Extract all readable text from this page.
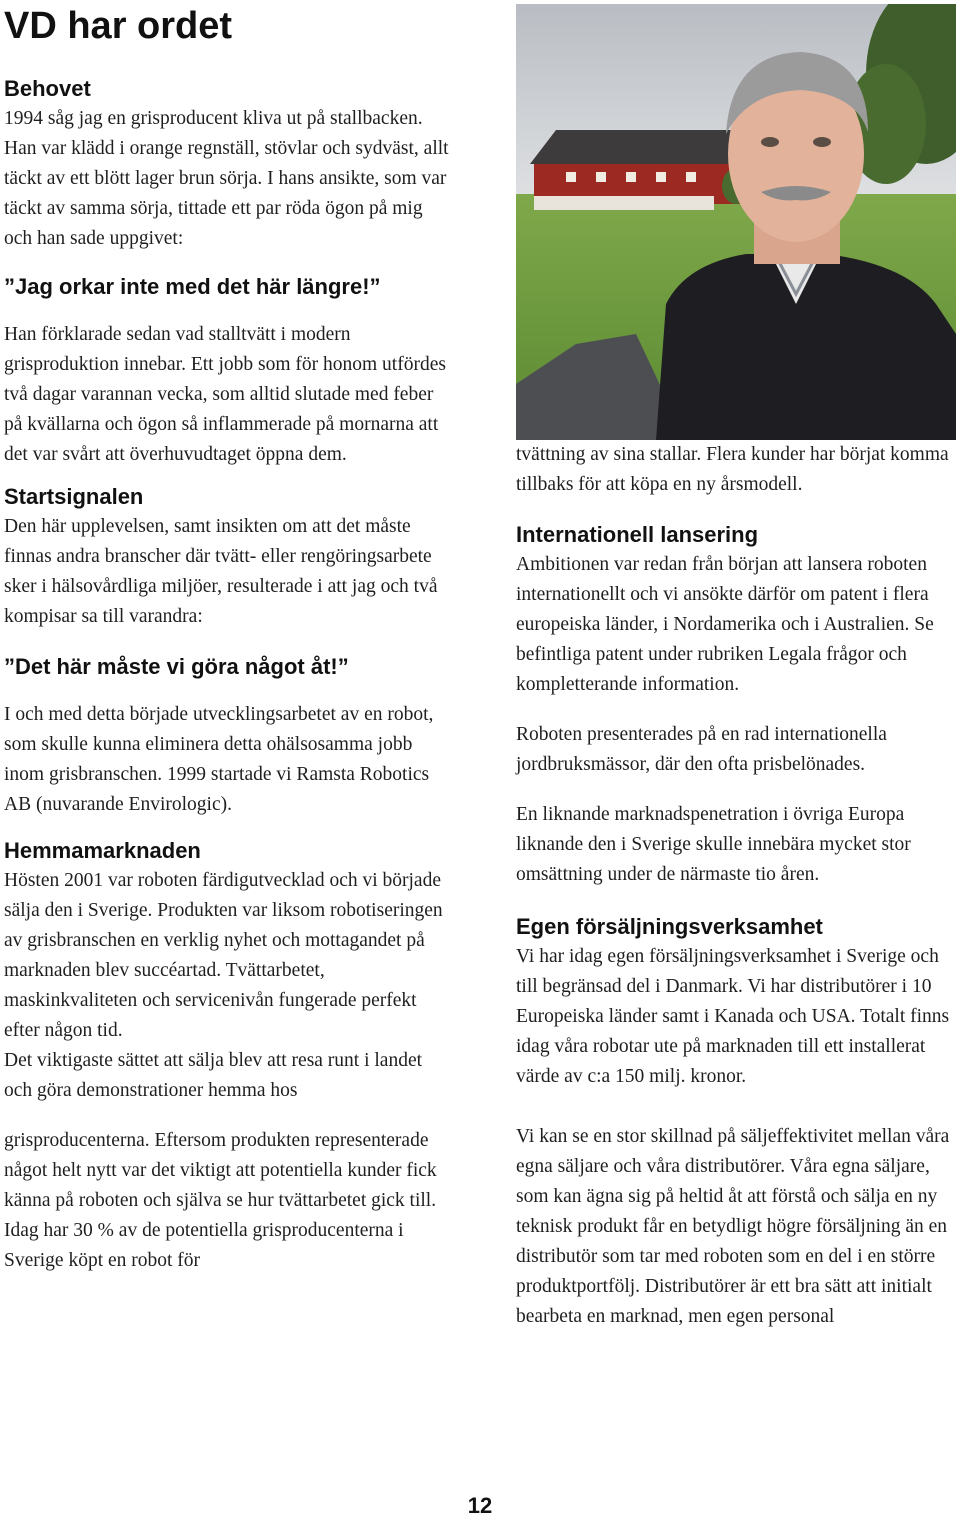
VD har ordet
Behovet

1994 såg jag en grisproducent kliva ut på stallbacken. Han var klädd i orange regnställ, stövlar och sydväst, allt täckt av ett blött lager brun sörja. I hans ansikte, som var täckt av samma sörja, tittade ett par röda ögon på mig och han sade uppgivet:

”Jag orkar inte med det här längre!”

Han förklarade sedan vad stalltvätt i modern grisproduktion innebar. Ett jobb som för honom utfördes två dagar varannan vecka, som alltid slutade med feber på kvällarna och ögon så inflammerade på mornarna att det var svårt att överhuvudtaget öppna dem.

Startsignalen

Den här upplevelsen, samt insikten om att det måste finnas andra branscher där tvätt- eller rengöringsarbete sker i hälsovårdliga miljöer, resulterade i att jag och två kompisar sa till varandra:

”Det här måste vi göra något åt!”

I och med detta började utvecklingsarbetet av en robot, som skulle kunna eliminera detta ohälsosamma jobb inom grisbranschen. 1999 startade vi Ramsta Robotics AB (nuvarande Envirologic).

Hemmamarknaden

Hösten 2001 var roboten färdigutvecklad och vi började sälja den i Sverige. Produkten var liksom robotiseringen av grisbranschen en verklig nyhet och mottagandet på marknaden blev succéartad. Tvättarbetet, maskinkvaliteten och servicenivån fungerade perfekt efter någon tid.

Det viktigaste sättet att sälja blev att resa runt i landet och göra demonstrationer hemma hos

grisproducenterna. Eftersom produkten representerade något helt nytt var det viktigt att potentiella kunder fick känna på roboten och själva se hur tvättarbetet gick till.

Idag har 30 % av de potentiella grisproducenterna i Sverige köpt en robot för

tvättning av sina stallar. Flera kunder har börjat komma tillbaks för att köpa en ny årsmodell.

Internationell lansering

Ambitionen var redan från början att lansera roboten internationellt och vi ansökte därför om patent i flera europeiska länder, i Nordamerika och i Australien. Se befintliga patent under rubriken Legala frågor och kompletterande information.

Roboten presenterades på en rad internationella jordbruksmässor, där den ofta prisbelönades.

En liknande marknadspenetration i övriga Europa liknande den i Sverige skulle innebära mycket stor omsättning under de närmaste tio åren.

Egen försäljningsverksamhet

Vi har idag egen försäljningsverksamhet i Sverige och till begränsad del i Danmark. Vi har distributörer i 10 Europeiska länder samt i Kanada och USA. Totalt finns idag våra robotar ute på marknaden till ett installerat värde av c:a 150 milj. kronor.

Vi kan se en stor skillnad på säljeffektivitet mellan våra egna säljare och våra distributörer. Våra egna säljare, som kan ägna sig på heltid åt att förstå och sälja en ny teknisk produkt får en betydligt högre försäljning än en distributör som tar med roboten som en del i en större produktportfölj. Distributörer är ett bra sätt att initialt bearbeta en marknad, men egen personal

12
